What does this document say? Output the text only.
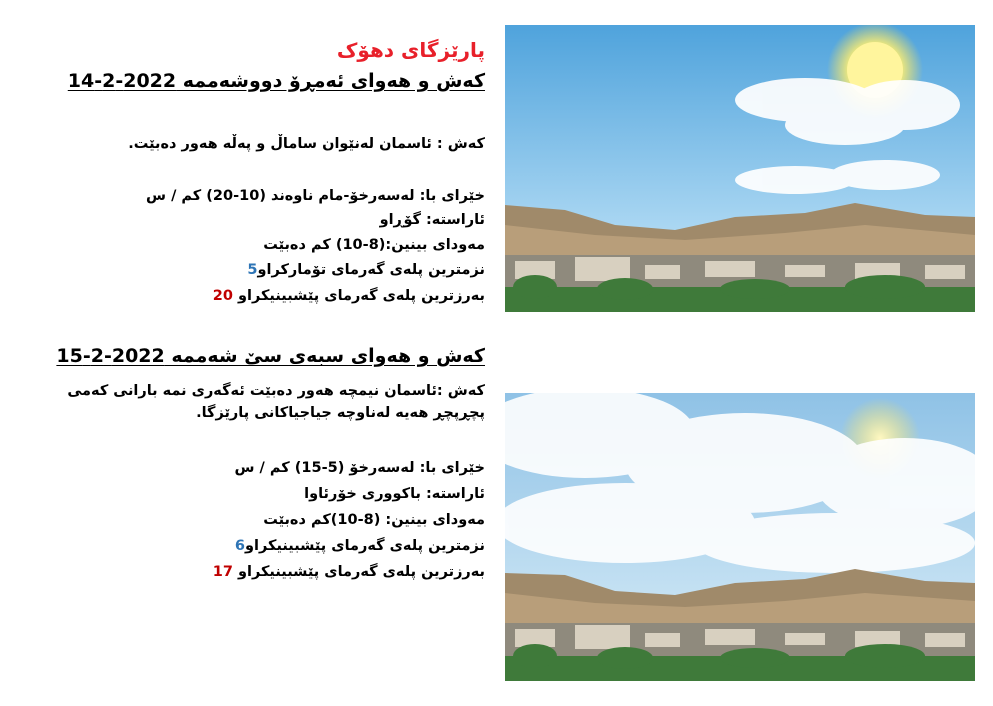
پارێزگای دهۆک
کەش و هەوای ئەمڕۆ دووشەممە 2022-2-14
کەش : ئاسمان لەنێوان ساماڵ و پەڵە هەور دەبێت.
خێرای با: لەسەرخۆ-مام ناوەند (10-20) کم / س
ئاراستە: گۆڕاو
مەودای بینین:(8-10) کم دەبێت
نزمترین پلەی گەرمای تۆمارکراو5
بەرزترین پلەی گەرمای پێشبینیکراو 20
کەش و هەوای سبەی سێ شەممە 2022-2-15
کەش :ئاسمان نیمچە هەور دەبێت ئەگەری نمە بارانی کەمی پچڕپچڕ هەیە لەناوچە جیاجیاکانی پارێزگا.
خێرای با: لەسەرخۆ (5-15) کم / س
ئاراستە: باکووری خۆرئاوا
مەودای بینین: (8-10)کم دەبێت
نزمترین پلەی گەرمای پێشبینیکراو6
بەرزترین پلەی گەرمای پێشبینیکراو 17
